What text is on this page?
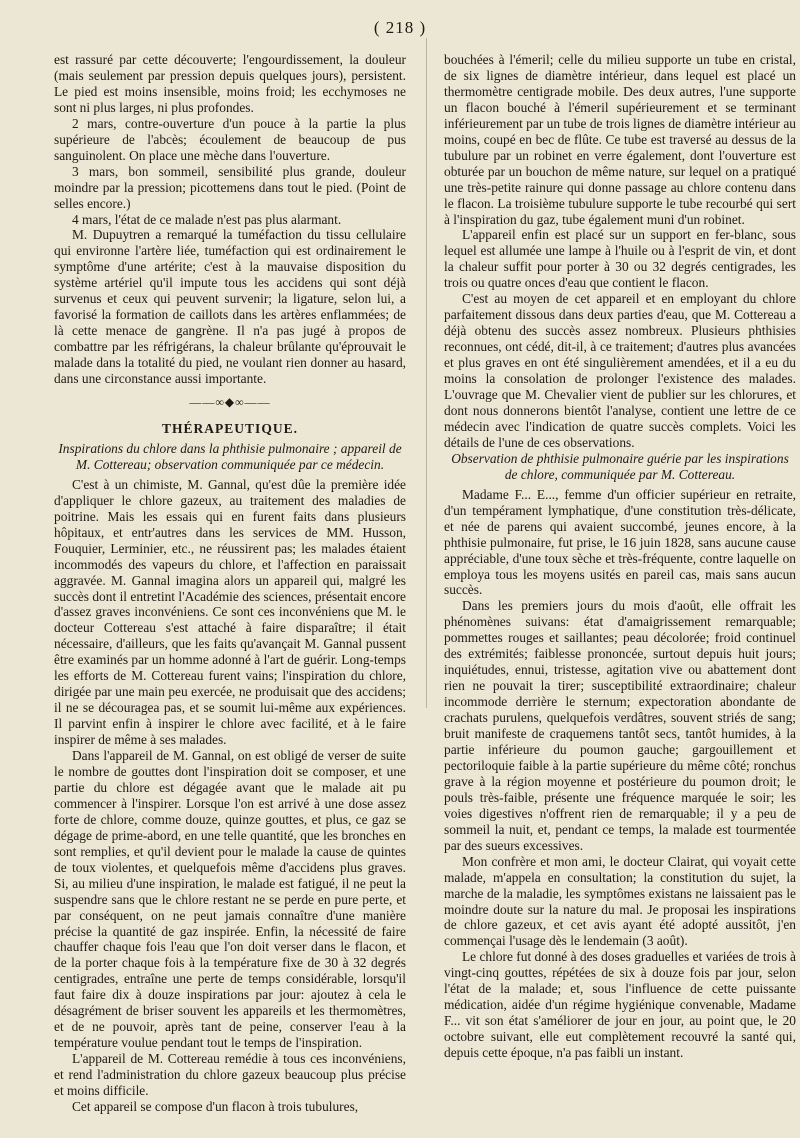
( 218 )

est rassuré par cette découverte; l'engourdissement, la douleur (mais seulement par pression depuis quelques jours), persistent. Le pied est moins insensible, moins froid; les ecchymoses ne sont ni plus larges, ni plus profondes.

2 mars, contre-ouverture d'un pouce à la partie la plus supérieure de l'abcès; écoulement de beaucoup de pus sanguinolent. On place une mèche dans l'ouverture.

3 mars, bon sommeil, sensibilité plus grande, douleur moindre par la pression; picottemens dans tout le pied. (Point de selles encore.)

4 mars, l'état de ce malade n'est pas plus alarmant.

M. Dupuytren a remarqué la tuméfaction du tissu cellulaire qui environne l'artère liée, tuméfaction qui est ordinairement le symptôme d'une artérite; c'est à la mauvaise disposition du système artériel qu'il impute tous les accidens qui sont déjà survenus et ceux qui peuvent survenir; la ligature, selon lui, a favorisé la formation de caillots dans les artères enflammées; de là cette menace de gangrène. Il n'a pas jugé à propos de combattre par les réfrigérans, la chaleur brûlante qu'éprouvait le malade dans la totalité du pied, ne voulant rien donner au hasard, dans une circonstance aussi importante.

——∞◆∞——
THÉRAPEUTIQUE.

Inspirations du chlore dans la phthisie pulmonaire ; appareil de M. Cottereau; observation communiquée par ce médecin.

C'est à un chimiste, M. Gannal, qu'est dûe la première idée d'appliquer le chlore gazeux, au traitement des maladies de poitrine. Mais les essais qui en furent faits dans plusieurs hôpitaux, et entr'autres dans les services de MM. Husson, Fouquier, Lerminier, etc., ne réussirent pas; les malades étaient incommodés des vapeurs du chlore, et l'affection en paraissait aggravée. M. Gannal imagina alors un appareil qui, malgré les succès dont il entretint l'Académie des sciences, présentait encore d'assez graves inconvéniens. Ce sont ces inconvéniens que M. le docteur Cottereau s'est attaché à faire disparaître; il était nécessaire, d'ailleurs, que les faits qu'avançait M. Gannal pussent être examinés par un homme adonné à l'art de guérir. Long-temps les efforts de M. Cottereau furent vains; l'inspiration du chlore, dirigée par une main peu exercée, ne produisait que des accidens; il ne se découragea pas, et se soumit lui-même aux expériences. Il parvint enfin à inspirer le chlore avec facilité, et à le faire inspirer de même à ses malades.

Dans l'appareil de M. Gannal, on est obligé de verser de suite le nombre de gouttes dont l'inspiration doit se composer, et une partie du chlore est dégagée avant que le malade ait pu commencer à l'inspirer. Lorsque l'on est arrivé à une dose assez forte de chlore, comme douze, quinze gouttes, et plus, ce gaz se dégage de prime-abord, en une telle quantité, que les bronches en sont remplies, et qu'il devient pour le malade la cause de quintes de toux violentes, et quelquefois même d'accidens plus graves. Si, au milieu d'une inspiration, le malade est fatigué, il ne peut la suspendre sans que le chlore restant ne se perde en pure perte, et par conséquent, on ne peut jamais connaître d'une manière précise la quantité de gaz inspirée. Enfin, la nécessité de faire chauffer chaque fois l'eau que l'on doit verser dans le flacon, et de la porter chaque fois à la température fixe de 30 à 32 degrés centigrades, entraîne une perte de temps considérable, lorsqu'il faut faire dix à douze inspirations par jour: ajoutez à cela le désagrément de briser souvent les appareils et les thermomètres, et de ne pouvoir, après tant de peine, conserver l'eau à la température voulue pendant tout le temps de l'inspiration.

L'appareil de M. Cottereau remédie à tous ces inconvéniens, et rend l'administration du chlore gazeux beaucoup plus précise et moins difficile.

Cet appareil se compose d'un flacon à trois tubulures,

bouchées à l'émeril; celle du milieu supporte un tube en cristal, de six lignes de diamètre intérieur, dans lequel est placé un thermomètre centigrade mobile. Des deux autres, l'une supporte un flacon bouché à l'émeril supérieurement et se terminant inférieurement par un tube de trois lignes de diamètre intérieur au moins, coupé en bec de flûte. Ce tube est traversé au dessus de la tubulure par un robinet en verre également, dont l'ouverture est obturée par un bouchon de même nature, sur lequel on a pratiqué une très-petite rainure qui donne passage au chlore contenu dans le flacon. La troisième tubulure supporte le tube recourbé qui sert à l'inspiration du gaz, tube également muni d'un robinet.

L'appareil enfin est placé sur un support en fer-blanc, sous lequel est allumée une lampe à l'huile ou à l'esprit de vin, et dont la chaleur suffit pour porter à 30 ou 32 degrés centigrades, les trois ou quatre onces d'eau que contient le flacon.

C'est au moyen de cet appareil et en employant du chlore parfaitement dissous dans deux parties d'eau, que M. Cottereau a déjà obtenu des succès assez nombreux. Plusieurs phthisies reconnues, ont cédé, dit-il, à ce traitement; d'autres plus avancées et plus graves en ont été singulièrement amendées, et il a eu du moins la consolation de prolonger l'existence des malades. L'ouvrage que M. Chevalier vient de publier sur les chlorures, et dont nous donnerons bientôt l'analyse, contient une lettre de ce médecin avec l'indication de quatre succès complets. Voici les détails de l'une de ces observations.

Observation de phthisie pulmonaire guérie par les inspirations de chlore, communiquée par M. Cottereau.

Madame F... E..., femme d'un officier supérieur en retraite, d'un tempérament lymphatique, d'une constitution très-délicate, et née de parens qui avaient succombé, jeunes encore, à la phthisie pulmonaire, fut prise, le 16 juin 1828, sans aucune cause appréciable, d'une toux sèche et très-fréquente, contre laquelle on employa tous les moyens usités en pareil cas, mais sans aucun succès.

Dans les premiers jours du mois d'août, elle offrait les phénomènes suivans: état d'amaigrissement remarquable; pommettes rouges et saillantes; peau décolorée; froid continuel des extrémités; faiblesse prononcée, surtout depuis huit jours; inquiétudes, ennui, tristesse, agitation vive ou abattement dont rien ne pouvait la tirer; susceptibilité extraordinaire; chaleur incommode derrière le sternum; expectoration abondante de crachats purulens, quelquefois verdâtres, souvent striés de sang; bruit manifeste de craquemens tantôt secs, tantôt humides, à la partie inférieure du poumon gauche; gargouillement et pectoriloquie faible à la partie supérieure du même côté; ronchus grave à la région moyenne et postérieure du poumon droit; le pouls très-faible, présente une fréquence marquée le soir; les voies digestives n'offrent rien de remarquable; il y a peu de sommeil la nuit, et, pendant ce temps, la malade est tourmentée par des sueurs excessives.

Mon confrère et mon ami, le docteur Clairat, qui voyait cette malade, m'appela en consultation; la constitution du sujet, la marche de la maladie, les symptômes existans ne laissaient pas le moindre doute sur la nature du mal. Je proposai les inspirations de chlore gazeux, et cet avis ayant été adopté aussitôt, j'en commençai l'usage dès le lendemain (3 août).

Le chlore fut donné à des doses graduelles et variées de trois à vingt-cinq gouttes, répétées de six à douze fois par jour, selon l'état de la malade; et, sous l'influence de cette puissante médication, aidée d'un régime hygiénique convenable, Madame F... vit son état s'améliorer de jour en jour, au point que, le 20 octobre suivant, elle eut complètement recouvré la santé qui, depuis cette époque, n'a pas faibli un instant.
